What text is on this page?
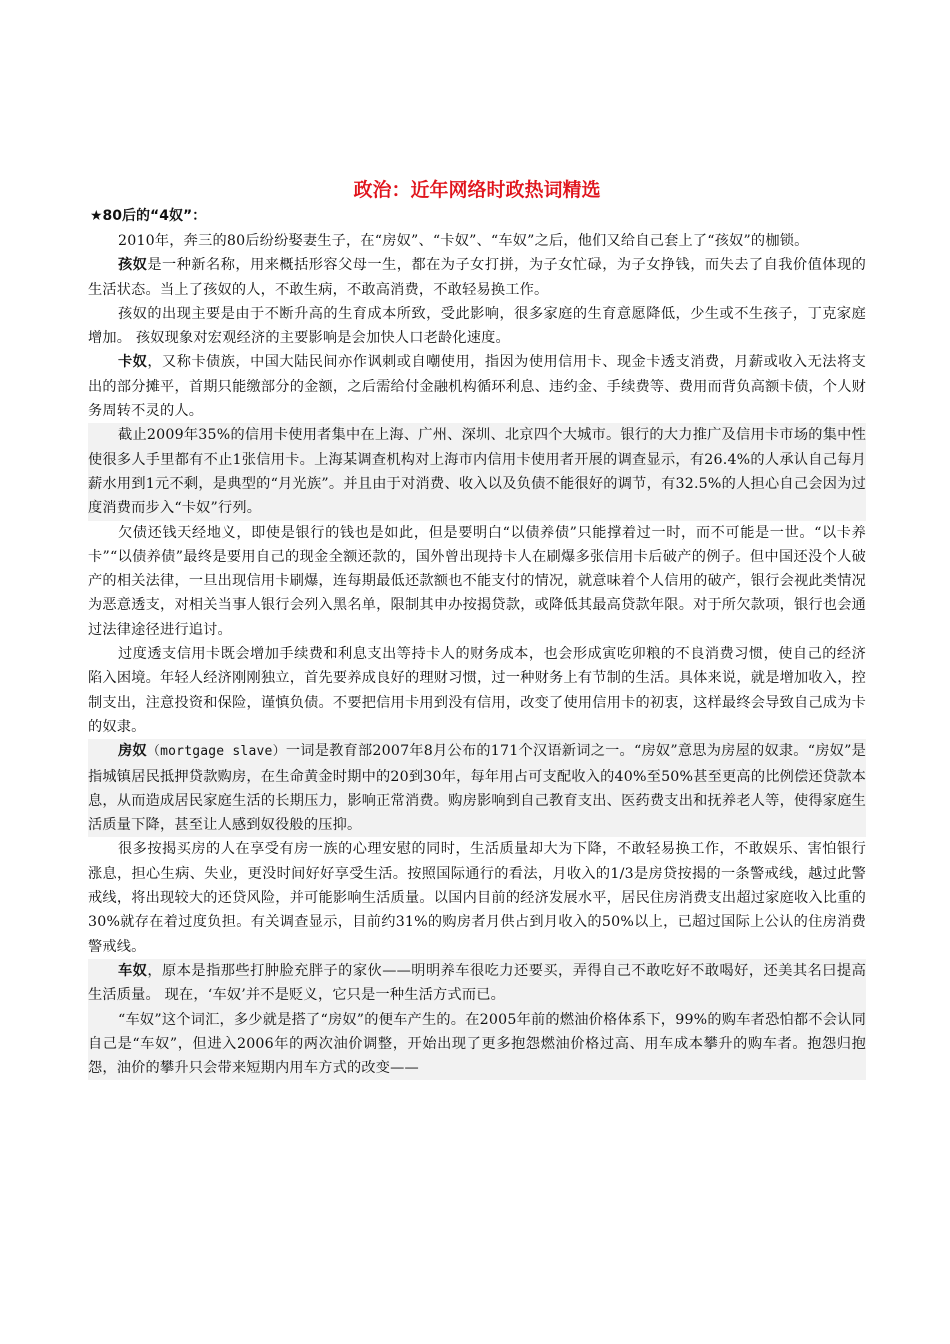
政治：近年网络时政热词精选
★80后的“4奴”：

2010年，奔三的80后纷纷娶妻生子，在“房奴”、“卡奴”、“车奴”之后，他们又给自己套上了“孩奴”的枷锁。

孩奴是一种新名称，用来概括形容父母一生，都在为子女打拼，为子女忙碌，为子女挣钱，而失去了自我价值体现的生活状态。当上了孩奴的人，不敢生病，不敢高消费，不敢轻易换工作。

孩奴的出现主要是由于不断升高的生育成本所致，受此影响，很多家庭的生育意愿降低，少生或不生孩子，丁克家庭增加。 孩奴现象对宏观经济的主要影响是会加快人口老龄化速度。

卡奴，又称卡债族，中国大陆民间亦作讽刺或自嘲使用，指因为使用信用卡、现金卡透支消费，月薪或收入无法将支出的部分摊平，首期只能缴部分的金额，之后需给付金融机构循环利息、违约金、手续费等、费用而背负高额卡债，个人财务周转不灵的人。

截止2009年35%的信用卡使用者集中在上海、广州、深圳、北京四个大城市。银行的大力推广及信用卡市场的集中性使很多人手里都有不止1张信用卡。上海某调查机构对上海市内信用卡使用者开展的调查显示，有26.4%的人承认自己每月薪水用到1元不剩，是典型的“月光族”。并且由于对消费、收入以及负债不能很好的调节，有32.5%的人担心自己会因为过度消费而步入“卡奴”行列。

欠债还钱天经地义，即使是银行的钱也是如此，但是要明白“以债养债”只能撑着过一时，而不可能是一世。“以卡养卡”“以债养债”最终是要用自己的现金全额还款的，国外曾出现持卡人在刷爆多张信用卡后破产的例子。但中国还没个人破产的相关法律，一旦出现信用卡刷爆，连每期最低还款额也不能支付的情况，就意味着个人信用的破产，银行会视此类情况为恶意透支，对相关当事人银行会列入黑名单，限制其申办按揭贷款，或降低其最高贷款年限。对于所欠款项，银行也会通过法律途径进行追讨。

过度透支信用卡既会增加手续费和利息支出等持卡人的财务成本，也会形成寅吃卯粮的不良消费习惯，使自己的经济陷入困境。年轻人经济刚刚独立，首先要养成良好的理财习惯，过一种财务上有节制的生活。具体来说，就是增加收入，控制支出，注意投资和保险，谨慎负债。不要把信用卡用到没有信用，改变了使用信用卡的初衷，这样最终会导致自己成为卡的奴隶。

房奴（mortgage slave）一词是教育部2007年8月公布的171个汉语新词之一。“房奴”意思为房屋的奴隶。“房奴”是指城镇居民抵押贷款购房，在生命黄金时期中的20到30年，每年用占可支配收入的40%至50%甚至更高的比例偿还贷款本息，从而造成居民家庭生活的长期压力，影响正常消费。购房影响到自己教育支出、医药费支出和抚养老人等，使得家庭生活质量下降，甚至让人感到奴役般的压抑。

很多按揭买房的人在享受有房一族的心理安慰的同时，生活质量却大为下降，不敢轻易换工作，不敢娱乐、害怕银行涨息，担心生病、失业，更没时间好好享受生活。按照国际通行的看法，月收入的1/3是房贷按揭的一条警戒线，越过此警戒线，将出现较大的还贷风险，并可能影响生活质量。以国内目前的经济发展水平，居民住房消费支出超过家庭收入比重的30%就存在着过度负担。有关调查显示，目前约31%的购房者月供占到月收入的50%以上，已超过国际上公认的住房消费警戒线。

车奴，原本是指那些打肿脸充胖子的家伙——明明养车很吃力还要买，弄得自己不敢吃好不敢喝好，还美其名曰提高生活质量。 现在，‘车奴’并不是贬义，它只是一种生活方式而已。

“车奴”这个词汇，多少就是搭了“房奴”的便车产生的。在2005年前的燃油价格体系下，99%的购车者恐怕都不会认同自己是“车奴”，但进入2006年的两次油价调整，开始出现了更多抱怨燃油价格过高、用车成本攀升的购车者。抱怨归抱怨，油价的攀升只会带来短期内用车方式的改变——
